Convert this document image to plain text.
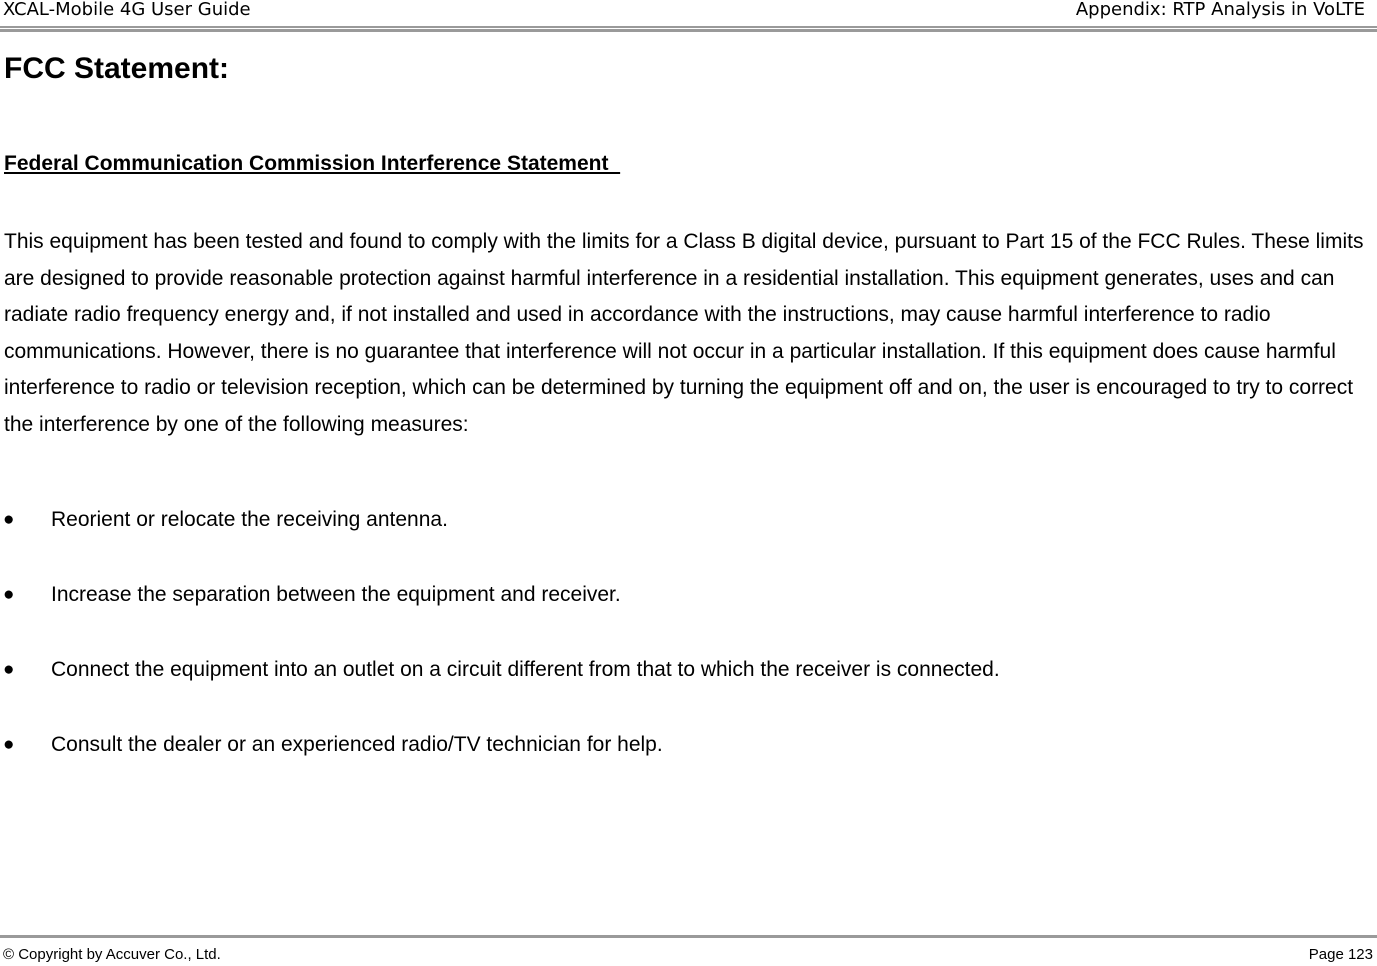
XCAL-Mobile 4G User Guide	Appendix: RTP Analysis in VoLTE
FCC Statement:
Federal Communication Commission Interference Statement

This equipment has been tested and found to comply with the limits for a Class B digital device, pursuant to Part 15 of the FCC Rules. These limits are designed to provide reasonable protection against harmful interference in a residential installation. This equipment generates, uses and can radiate radio frequency energy and, if not installed and used in accordance with the instructions, may cause harmful interference to radio communications. However, there is no guarantee that interference will not occur in a particular installation. If this equipment does cause harmful interference to radio or television reception, which can be determined by turning the equipment off and on, the user is encouraged to try to correct the interference by one of the following measures:

● Reorient or relocate the receiving antenna.
● Increase the separation between the equipment and receiver.
● Connect the equipment into an outlet on a circuit different from that to which the receiver is connected.
● Consult the dealer or an experienced radio/TV technician for help.
© Copyright by Accuver Co., Ltd.	Page 123
